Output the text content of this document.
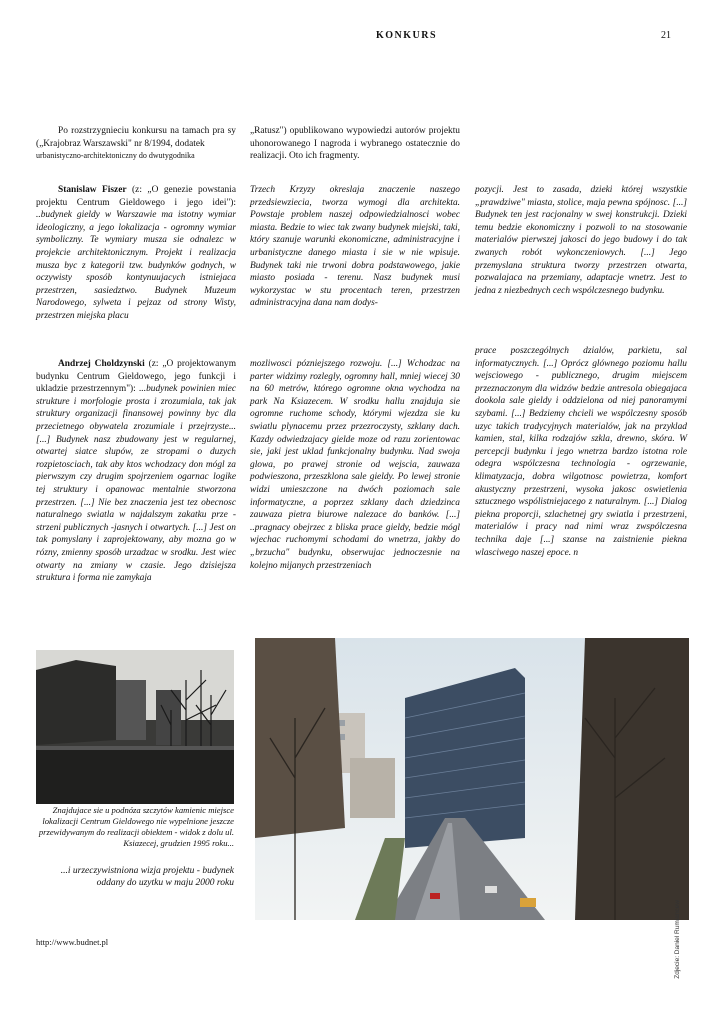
KONKURS	21

Po rozstrzygnieciu konkursu na tamach pra sy („Krajobraz Warszawski" nr 8/1994, dodatek

urbanistyczno-architektoniczny do dwutygodnika

„Ratusz") opublikowano wypowiedzi autorów projektu uhonorowanego I nagroda i wybranego ostatecznie do realizacji. Oto ich fragmenty.

Stanislaw Fiszer (z: „O genezie powstania projektu Centrum Gieldowego i jego idei"): ..budynek gieldy w Warszawie ma istotny wymiar ideologiczny, a jego lokalizacja - ogromny wymiar symboliczny. Te wymiary musza sie odnalezc w projekcie architektonicznym. Projekt i realizacja musza byc z kategorii tzw. budynków godnych, w oczywisty sposób kontynuujacych istniejaca przestrzen, sasiedztwo. Budynek Muzeum Narodowego, sylweta i pejzaz od strony Wisty, przestrzen miejska placu

Andrzej Choldzynski (z: „O projektowanym budynku Centrum Gieldowego, jego funkcji i ukladzie przestrzennym"): ...budynek powinien miec strukture i morfologie prosta i zrozumiala, tak jak struktury organizacji finansowej powinny byc dla przecietnego obywatela zrozumiale i przejrzyste... [...] Budynek nasz zbudowany jest w regularnej, otwartej siatce slupów, ze stropami o duzych rozpietosciach, tak aby ktos wchodzacy don mógl za pierwszym czy drugim spojrzeniem ogarnac logike tej struktury i opanowac mentalnie stworzona przestrzen. [...] Nie bez znaczenia jest tez obecnosc naturalnego swiatla w najdalszym zakatku prze - strzeni publicznych -jasnych i otwartych. [...] Jest on tak pomyslany i zaprojektowany, aby mozna go w rózny, zmienny sposób urzadzac w srodku. Jest wiec otwarty na zmiany w czasie. Jego dzisiejsza struktura i forma nie zamykaja

Trzech Krzyzy okreslaja znaczenie naszego przedsiewziecia, tworza wymogi dla architekta. Powstaje problem naszej odpowiedzialnosci wobec miasta. Bedzie to wiec tak zwany budynek miejski, taki, który szanuje warunki ekonomiczne, administracyjne i urbanistyczne danego miasta i sie w nie wpisuje. Budynek taki nie trwoni dobra podstawowego, jakie miasto posiada - terenu. Nasz budynek musi wykorzystac w stu procentach teren, przestrzen administracyjna dana nam dodys-

mozliwosci pózniejszego rozwoju. [...] Wchodzac na parter widzimy rozlegly, ogromny hall, mniej wiecej 30 na 60 metrów, którego ogromne okna wychodza na park Na Ksiazecem. W srodku hallu znajduja sie ogromne ruchome schody, którymi wjezdza sie ku swiatlu plynacemu przez przezroczysty, szklany dach. Kazdy odwiedzajacy gielde moze od razu zorientowac sie, jaki jest uklad funkcjonalny budynku. Nad swoja glowa, po prawej stronie od wejscia, zauwaza podwieszona, przeszklona sale gieldy. Po lewej stronie widzi umieszczone na dwóch poziomach sale informatyczne, a poprzez szklany dach dziedzinca zauwaza pietra biurowe nalezace do banków. [...] ..pragnacy obejrzec z bliska prace gieldy, bedzie mógl wjechac ruchomymi schodami do wnetrza, jakby do „brzucha" budynku, obserwujac jednoczesnie na kolejno mijanych przestrzeniach

pozycji. Jest to zasada, dzieki której wszystkie „prawdziwe" miasta, stolice, maja pewna spójnosc. [...] Budynek ten jest racjonalny w swej konstrukcji. Dzieki temu bedzie ekonomiczny i pozwoli to na stosowanie materialów pierwszej jakosci do jego budowy i do tak zwanych robót wykonczeniowych. [...] Jego przemyslana struktura tworzy przestrzen otwarta, pozwalajaca na przemiany, adaptacje wnetrz. Jest to jedna z niezbednych cech wspólczesnego budynku.

prace poszczególnych dzialów, parkietu, sal informatycznych. [...] Oprócz glównego poziomu hallu wejsciowego - publicznego, drugim miejscem przeznaczonym dla widzów bedzie antresola obiegajaca dookola sale gieldy i oddzielona od niej panoramymi szybami. [...] Bedziemy chcieli we wspólczesny sposób uzyc takich tradycyjnych materialów, jak na przyklad kamien, stal, kilka rodzajów szkla, drewno, skóra. W percepcji budynku i jego wnetrza bardzo istotna role odegra wspólczesna technologia - ogrzewanie, klimatyzacja, dobra wilgotnosc powietrza, komfort akustyczny przestrzeni, wysoka jakosc oswietlenia sztucznego wspólistniejacego z naturalnym. [...] Dialog piekna proporcji, szlachetnej gry swiatla i przestrzeni, materialów i pracy nad nimi wraz zwspólczesna technika daje [...] szanse na zaistnienie piekna wlasciwego naszej epoce. n

Znajdujace sie u podnóza szczytów kamienic miejsce lokalizacji Centrum Gieldowego nie wypelnione jeszcze przewidywanym do realizacji obiektem - widok z dolu ul. Ksiazecej, grudzien 1995 roku...
Zdjecie: Daniel Rumiancew
...i urzeczywistniona wizja projektu - budynek oddany do uzytku w maju 2000 roku
http://www.budnet.pl
